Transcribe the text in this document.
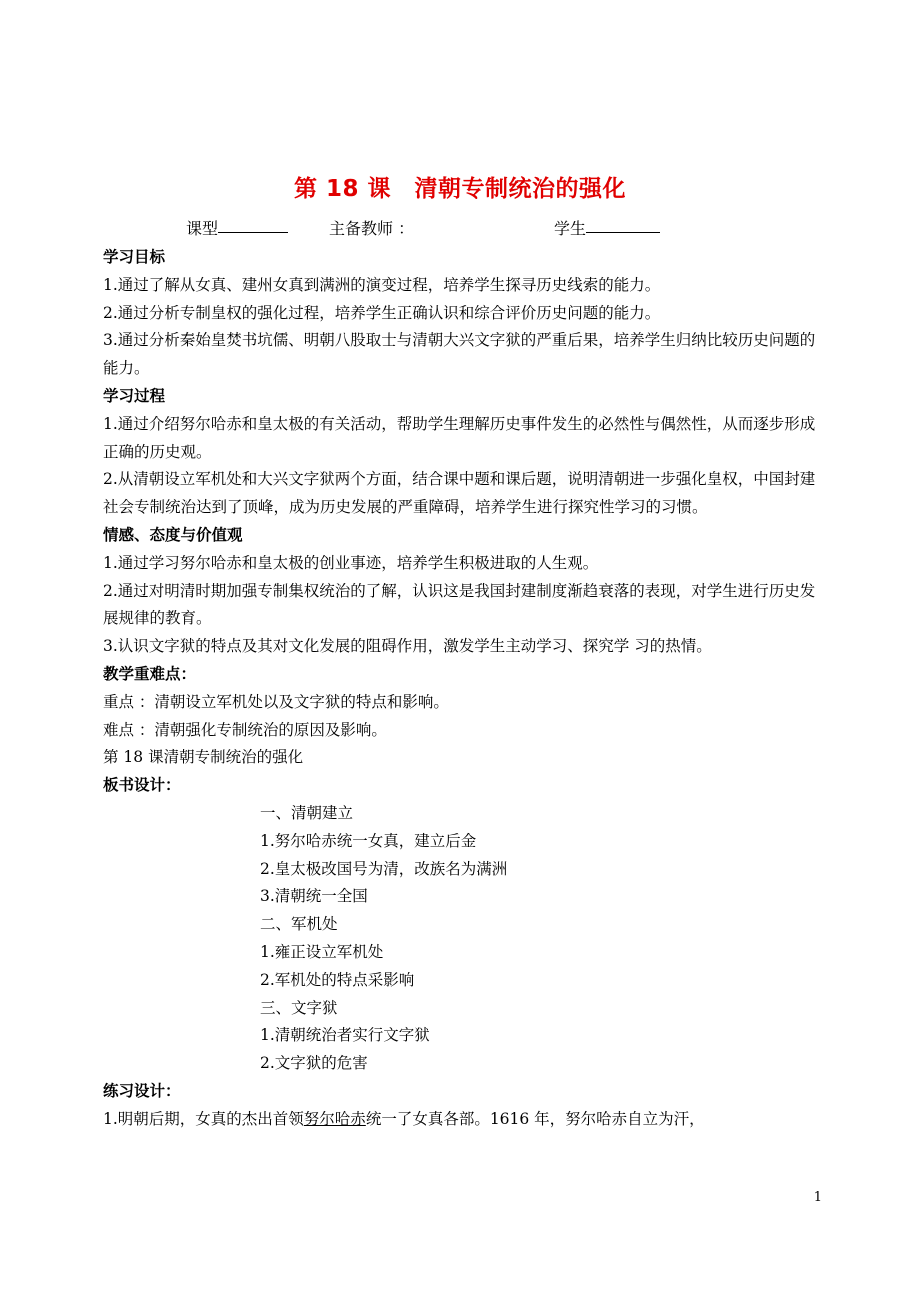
第 18 课　清朝专制统治的强化
课型	主备教师 ：	学生

学习目标

1.通过了解从女真、建州女真到满洲的演变过程，培养学生探寻历史线索的能力。

2.通过分析专制皇权的强化过程，培养学生正确认识和综合评价历史问题的能力。

3.通过分析秦始皇焚书坑儒、明朝八股取士与清朝大兴文字狱的严重后果，培养学生归纳比较历史问题的能力。

学习过程

1.通过介绍努尔哈赤和皇太极的有关活动，帮助学生理解历史事件发生的必然性与偶然性，从而逐步形成正确的历史观。

2.从清朝设立军机处和大兴文字狱两个方面，结合课中题和课后题，说明清朝进一步强化皇权，中国封建社会专制统治达到了顶峰，成为历史发展的严重障碍，培养学生进行探究性学习的习惯。

情感、态度与价值观

1.通过学习努尔哈赤和皇太极的创业事迹，培养学生积极进取的人生观。

2.通过对明清时期加强专制集权统治的了解，认识这是我国封建制度渐趋衰落的表现，对学生进行历史发展规律的教育。

3.认识文字狱的特点及其对文化发展的阻碍作用，激发学生主动学习、探究学 习的热情。

教学重难点：

重点 ：清朝设立军机处以及文字狱的特点和影响。

难点 ：清朝强化专制统治的原因及影响。

第 18 课清朝专制统治的强化

板书设计：

一、清朝建立

1.努尔哈赤统一女真，建立后金

2.皇太极改国号为清，改族名为满洲

3.清朝统一全国

二、军机处

1.雍正设立军机处

2.军机处的特点采影响

三、文字狱

1.清朝统治者实行文字狱

2.文字狱的危害

练习设计：

1.明朝后期，女真的杰出首领努尔哈赤统一了女真各部。1616 年，努尔哈赤自立为汗，

1
